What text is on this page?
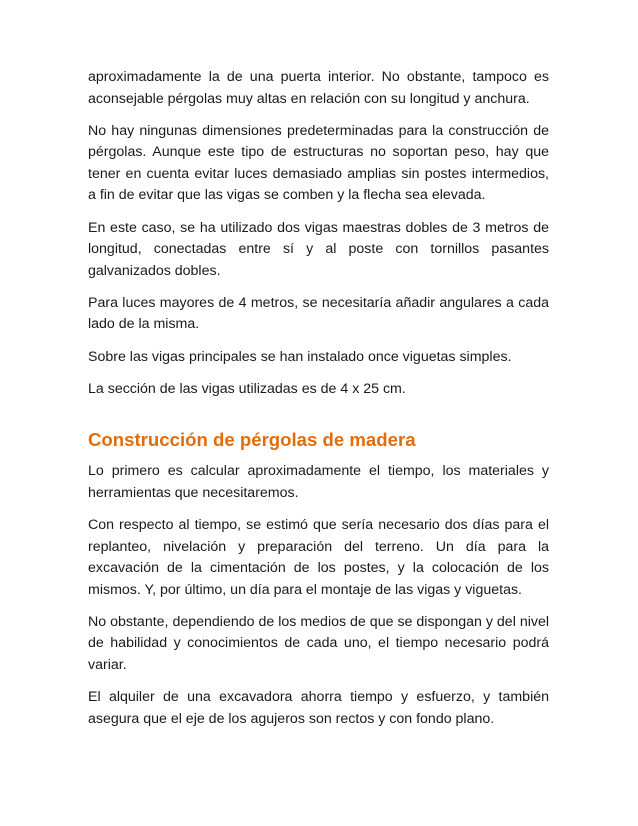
aproximadamente la de una puerta interior. No obstante, tampoco es aconsejable pérgolas muy altas en relación con su longitud y anchura.

No hay ningunas dimensiones predeterminadas para la construcción de pérgolas. Aunque este tipo de estructuras no soportan peso, hay que tener en cuenta evitar luces demasiado amplias sin postes intermedios, a fin de evitar que las vigas se comben y la flecha sea elevada.

En este caso, se ha utilizado dos vigas maestras dobles de 3 metros de longitud, conectadas entre sí y al poste con tornillos pasantes galvanizados dobles.

Para luces mayores de 4 metros, se necesitaría añadir angulares a cada lado de la misma.

Sobre las vigas principales se han instalado once viguetas simples.

La sección de las vigas utilizadas es de 4 x 25 cm.

Construcción de pérgolas de madera

Lo primero es calcular aproximadamente el tiempo, los materiales y herramientas que necesitaremos.

Con respecto al tiempo, se estimó que sería necesario dos días para el replanteo, nivelación y preparación del terreno. Un día para la excavación de la cimentación de los postes, y la colocación de los mismos. Y, por último, un día para el montaje de las vigas y viguetas.

No obstante, dependiendo de los medios de que se dispongan y del nivel de habilidad y conocimientos de cada uno, el tiempo necesario podrá variar.

El alquiler de una excavadora ahorra tiempo y esfuerzo, y también asegura que el eje de los agujeros son rectos y con fondo plano.
